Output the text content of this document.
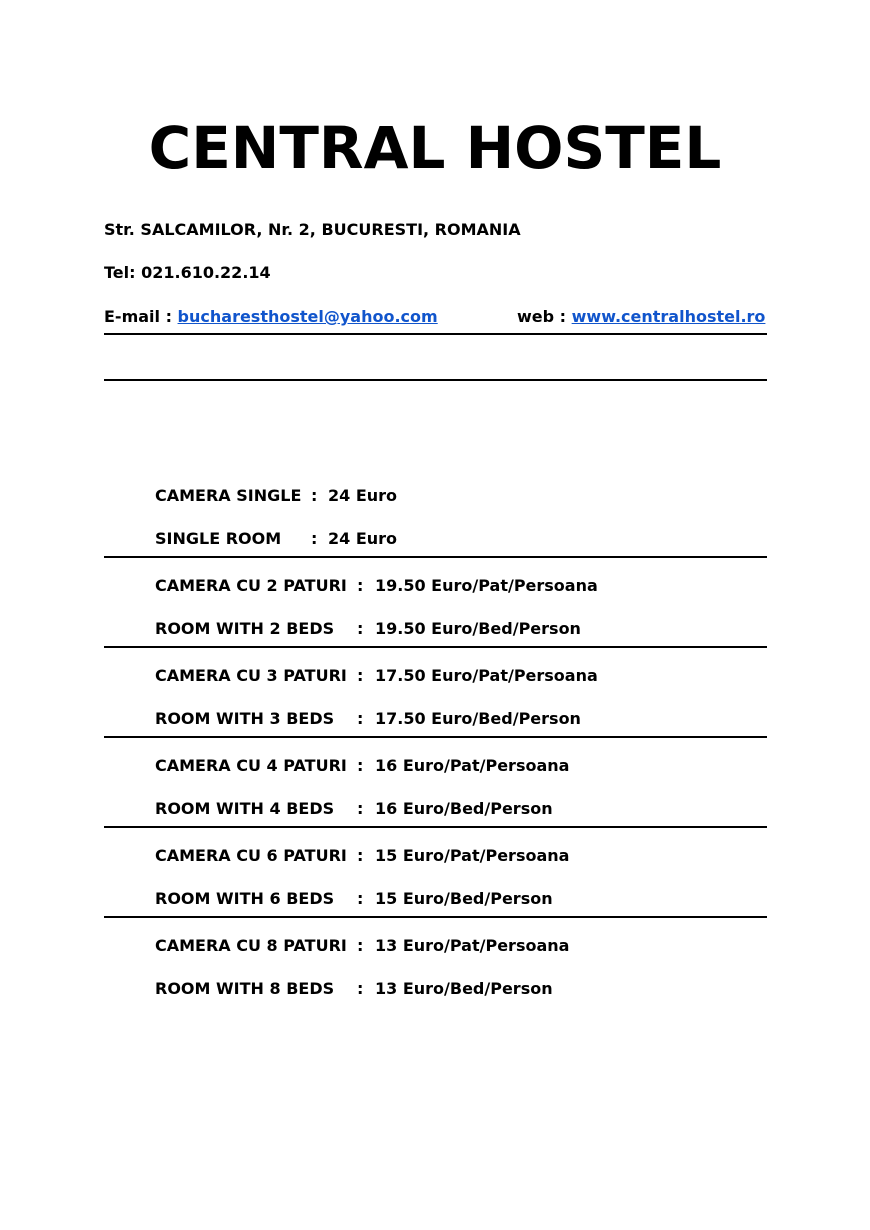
CENTRAL HOSTEL
Str. SALCAMILOR, Nr. 2, BUCURESTI, ROMANIA
Tel: 021.610.22.14
E-mail : bucharesthostel@yahoo.com	web : www.centralhostel.ro
CAMERA SINGLE : 24 Euro
SINGLE ROOM : 24 Euro
CAMERA CU 2 PATURI : 19.50 Euro/Pat/Persoana
ROOM WITH 2 BEDS : 19.50 Euro/Bed/Person
CAMERA CU 3 PATURI : 17.50 Euro/Pat/Persoana
ROOM WITH 3 BEDS : 17.50 Euro/Bed/Person
CAMERA CU 4 PATURI : 16 Euro/Pat/Persoana
ROOM WITH 4 BEDS : 16 Euro/Bed/Person
CAMERA CU 6 PATURI : 15 Euro/Pat/Persoana
ROOM WITH 6 BEDS : 15 Euro/Bed/Person
CAMERA CU 8 PATURI : 13 Euro/Pat/Persoana
ROOM WITH 8 BEDS : 13 Euro/Bed/Person
